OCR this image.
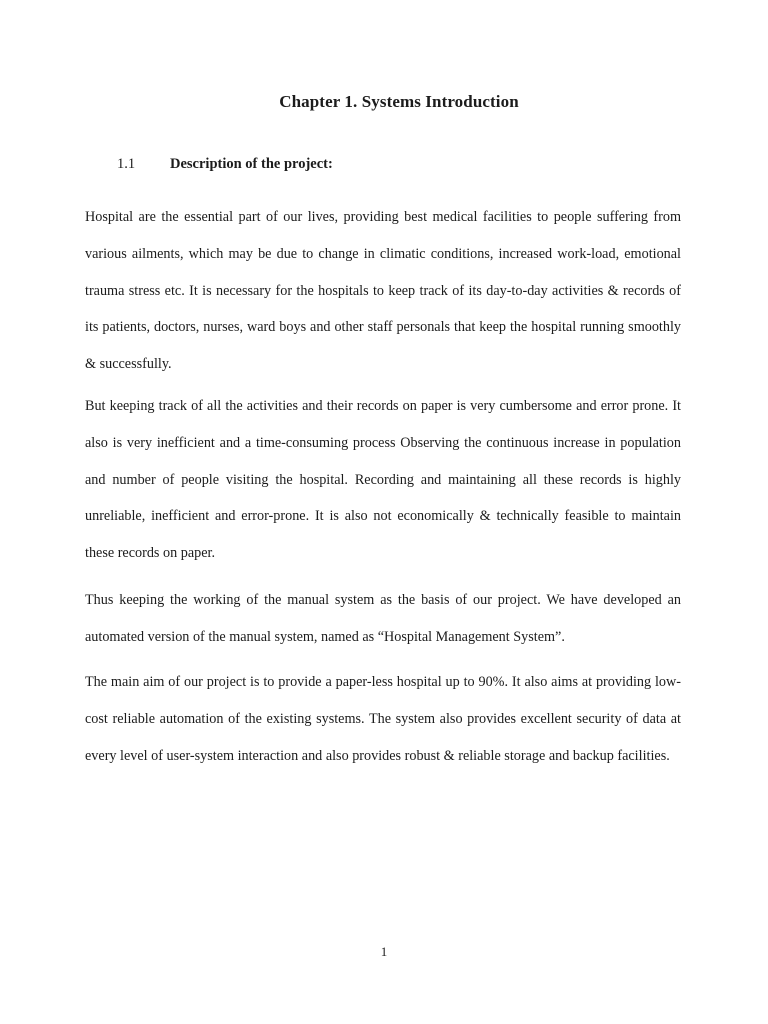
Chapter 1. Systems Introduction
1.1 Description of the project:

Hospital are the essential part of our lives, providing best medical facilities to people suffering from various ailments, which may be due to change in climatic conditions, increased work-load, emotional trauma stress etc. It is necessary for the hospitals to keep track of its day-to-day activities & records of its patients, doctors, nurses, ward boys and other staff personals that keep the hospital running smoothly & successfully.

But keeping track of all the activities and their records on paper is very cumbersome and error prone. It also is very inefficient and a time-consuming process Observing the continuous increase in population and number of people visiting the hospital. Recording and maintaining all these records is highly unreliable, inefficient and error-prone. It is also not economically & technically feasible to maintain these records on paper.

Thus keeping the working of the manual system as the basis of our project. We have developed an automated version of the manual system, named as “Hospital Management System”.

The main aim of our project is to provide a paper-less hospital up to 90%. It also aims at providing low-cost reliable automation of the existing systems. The system also provides excellent security of data at every level of user-system interaction and also provides robust & reliable storage and backup facilities.

1
